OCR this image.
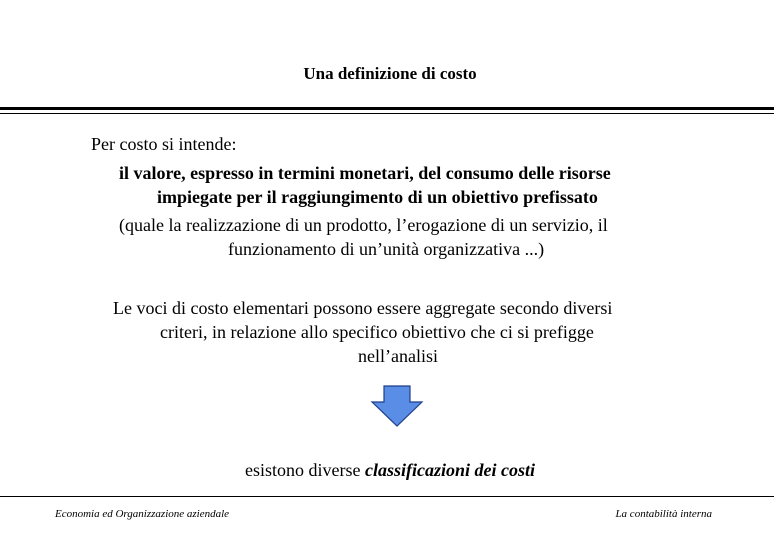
Una definizione di costo
Per costo si intende:
il valore, espresso in termini monetari, del consumo delle risorse
impiegate per il raggiungimento di un obiettivo prefissato
(quale la realizzazione di un prodotto, l’erogazione di un servizio, il
funzionamento di un’unità organizzativa ...)
Le voci di costo elementari possono essere aggregate secondo diversi
criteri, in relazione allo specifico obiettivo che ci si prefigge
nell’analisi
esistono diverse classificazioni dei costi
Economia ed Organizzazione aziendale	La contabilità interna
